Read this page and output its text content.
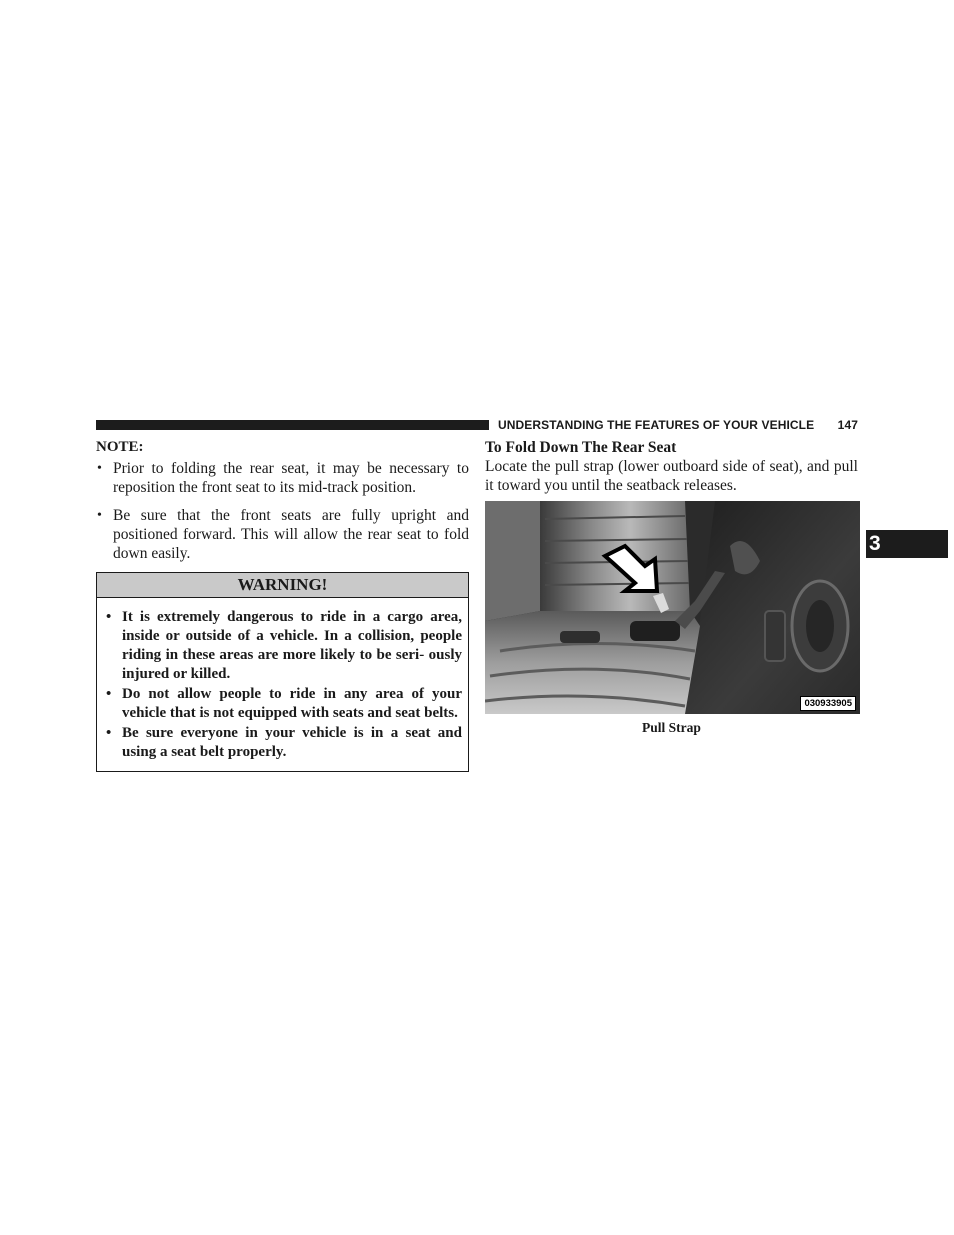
UNDERSTANDING THE FEATURES OF YOUR VEHICLE 147
3

NOTE:

• Prior to folding the rear seat, it may be necessary to reposition the front seat to its mid-track position.
• Be sure that the front seats are fully upright and positioned forward. This will allow the rear seat to fold down easily.
WARNING!
• It is extremely dangerous to ride in a cargo area, inside or outside of a vehicle. In a collision, people riding in these areas are more likely to be seri- ously injured or killed.
• Do not allow people to ride in any area of your vehicle that is not equipped with seats and seat belts.
• Be sure everyone in your vehicle is in a seat and using a seat belt properly.

To Fold Down The Rear Seat

Locate the pull strap (lower outboard side of seat), and pull it toward you until the seatback releases.

030933905
Pull Strap
